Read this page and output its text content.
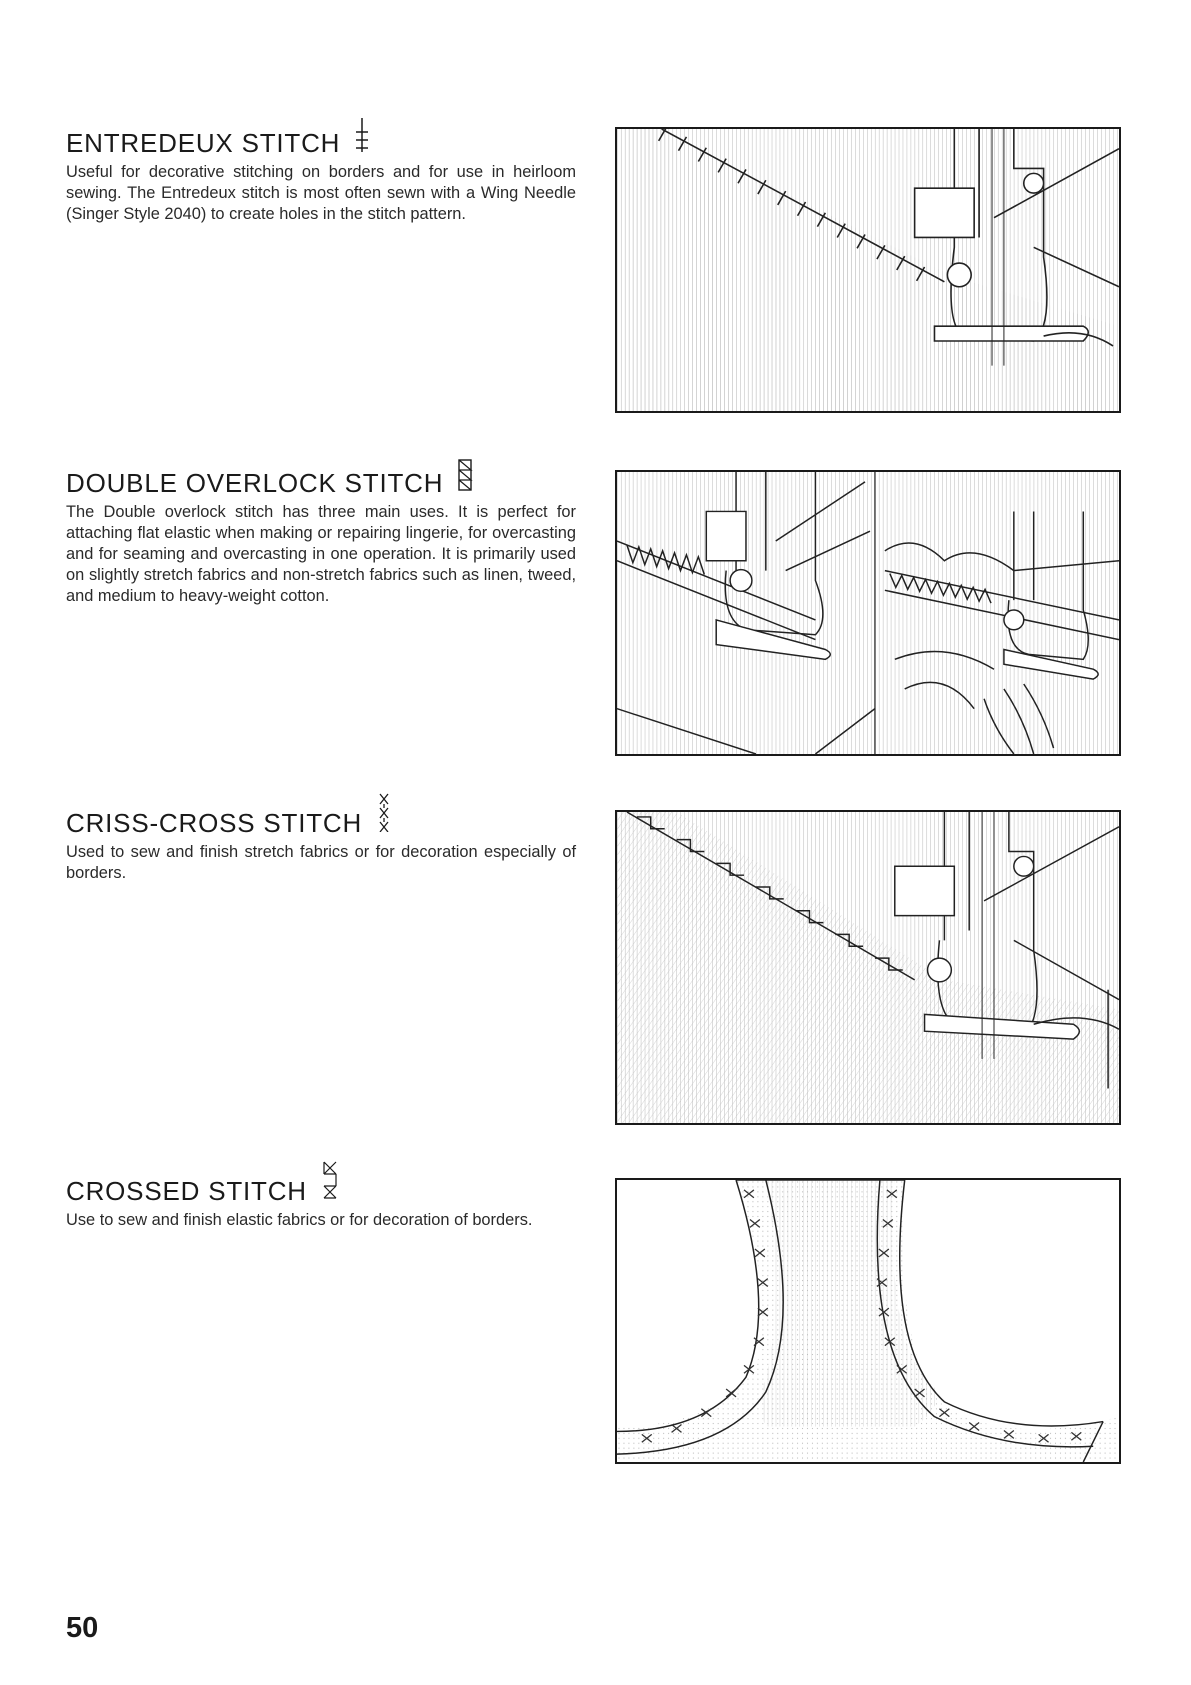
ENTREDEUX STITCH

Useful for decorative stitching on borders and for use in heirloom sewing. The Entredeux stitch is most often sewn with a Wing Needle (Singer Style 2040) to create holes in the stitch pattern.

DOUBLE OVERLOCK STITCH

The Double overlock stitch has three main uses. It is perfect for attaching flat elastic when making or repairing lingerie, for overcasting and for seaming and overcasting in one operation. It is primarily used on slightly stretch fabrics and non-stretch fabrics such as linen, tweed, and medium to heavy-weight cotton.

CRISS-CROSS STITCH

Used to sew and finish stretch fabrics or for decoration especially of borders.

CROSSED STITCH

Use to sew and finish elastic fabrics or for decoration of borders.

50
